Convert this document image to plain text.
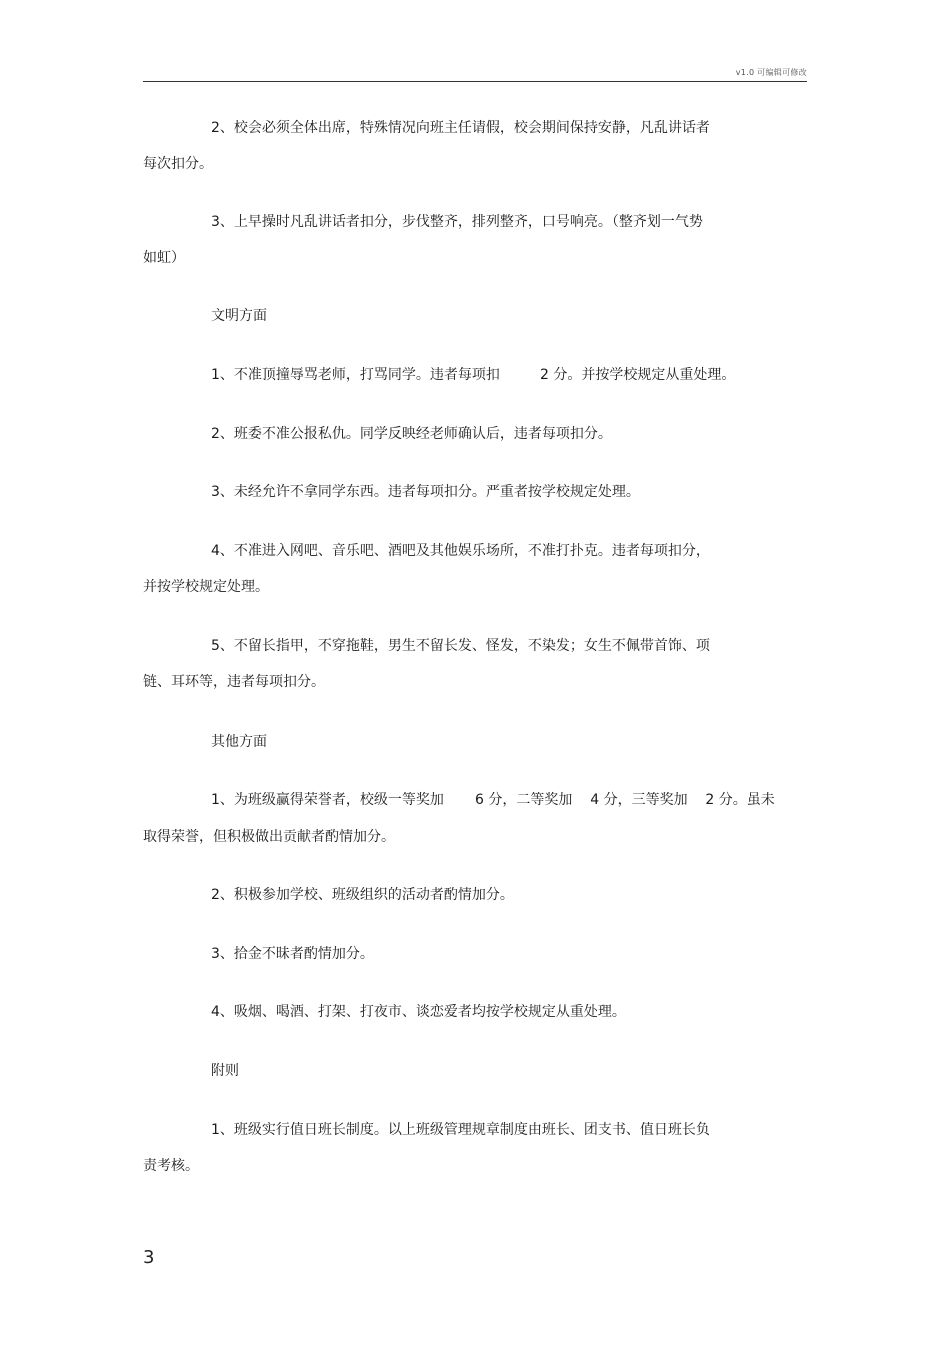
v1.0 可编辑可修改
2、校会必须全体出席，特殊情况向班主任请假，校会期间保持安静，凡乱讲话者
每次扣分。
3、上早操时凡乱讲话者扣分，步伐整齐，排列整齐，口号响亮。（整齐划一气势
如虹）
文明方面
1、不准顶撞辱骂老师，打骂同学。违者每项扣         2 分。并按学校规定从重处理。
2、班委不准公报私仇。同学反映经老师确认后，违者每项扣分。
3、未经允许不拿同学东西。违者每项扣分。严重者按学校规定处理。
4、不准进入网吧、音乐吧、酒吧及其他娱乐场所，不准打扑克。违者每项扣分，
并按学校规定处理。
5、不留长指甲，不穿拖鞋，男生不留长发、怪发，不染发；女生不佩带首饰、项
链、耳环等，违者每项扣分。
其他方面
1、为班级赢得荣誉者，校级一等奖加       6 分，二等奖加    4 分，三等奖加    2 分。虽未
取得荣誉，但积极做出贡献者酌情加分。
2、积极参加学校、班级组织的活动者酌情加分。
3、拾金不昧者酌情加分。
4、吸烟、喝酒、打架、打夜市、谈恋爱者均按学校规定从重处理。
附则
1、班级实行值日班长制度。以上班级管理规章制度由班长、团支书、值日班长负
责考核。
3
